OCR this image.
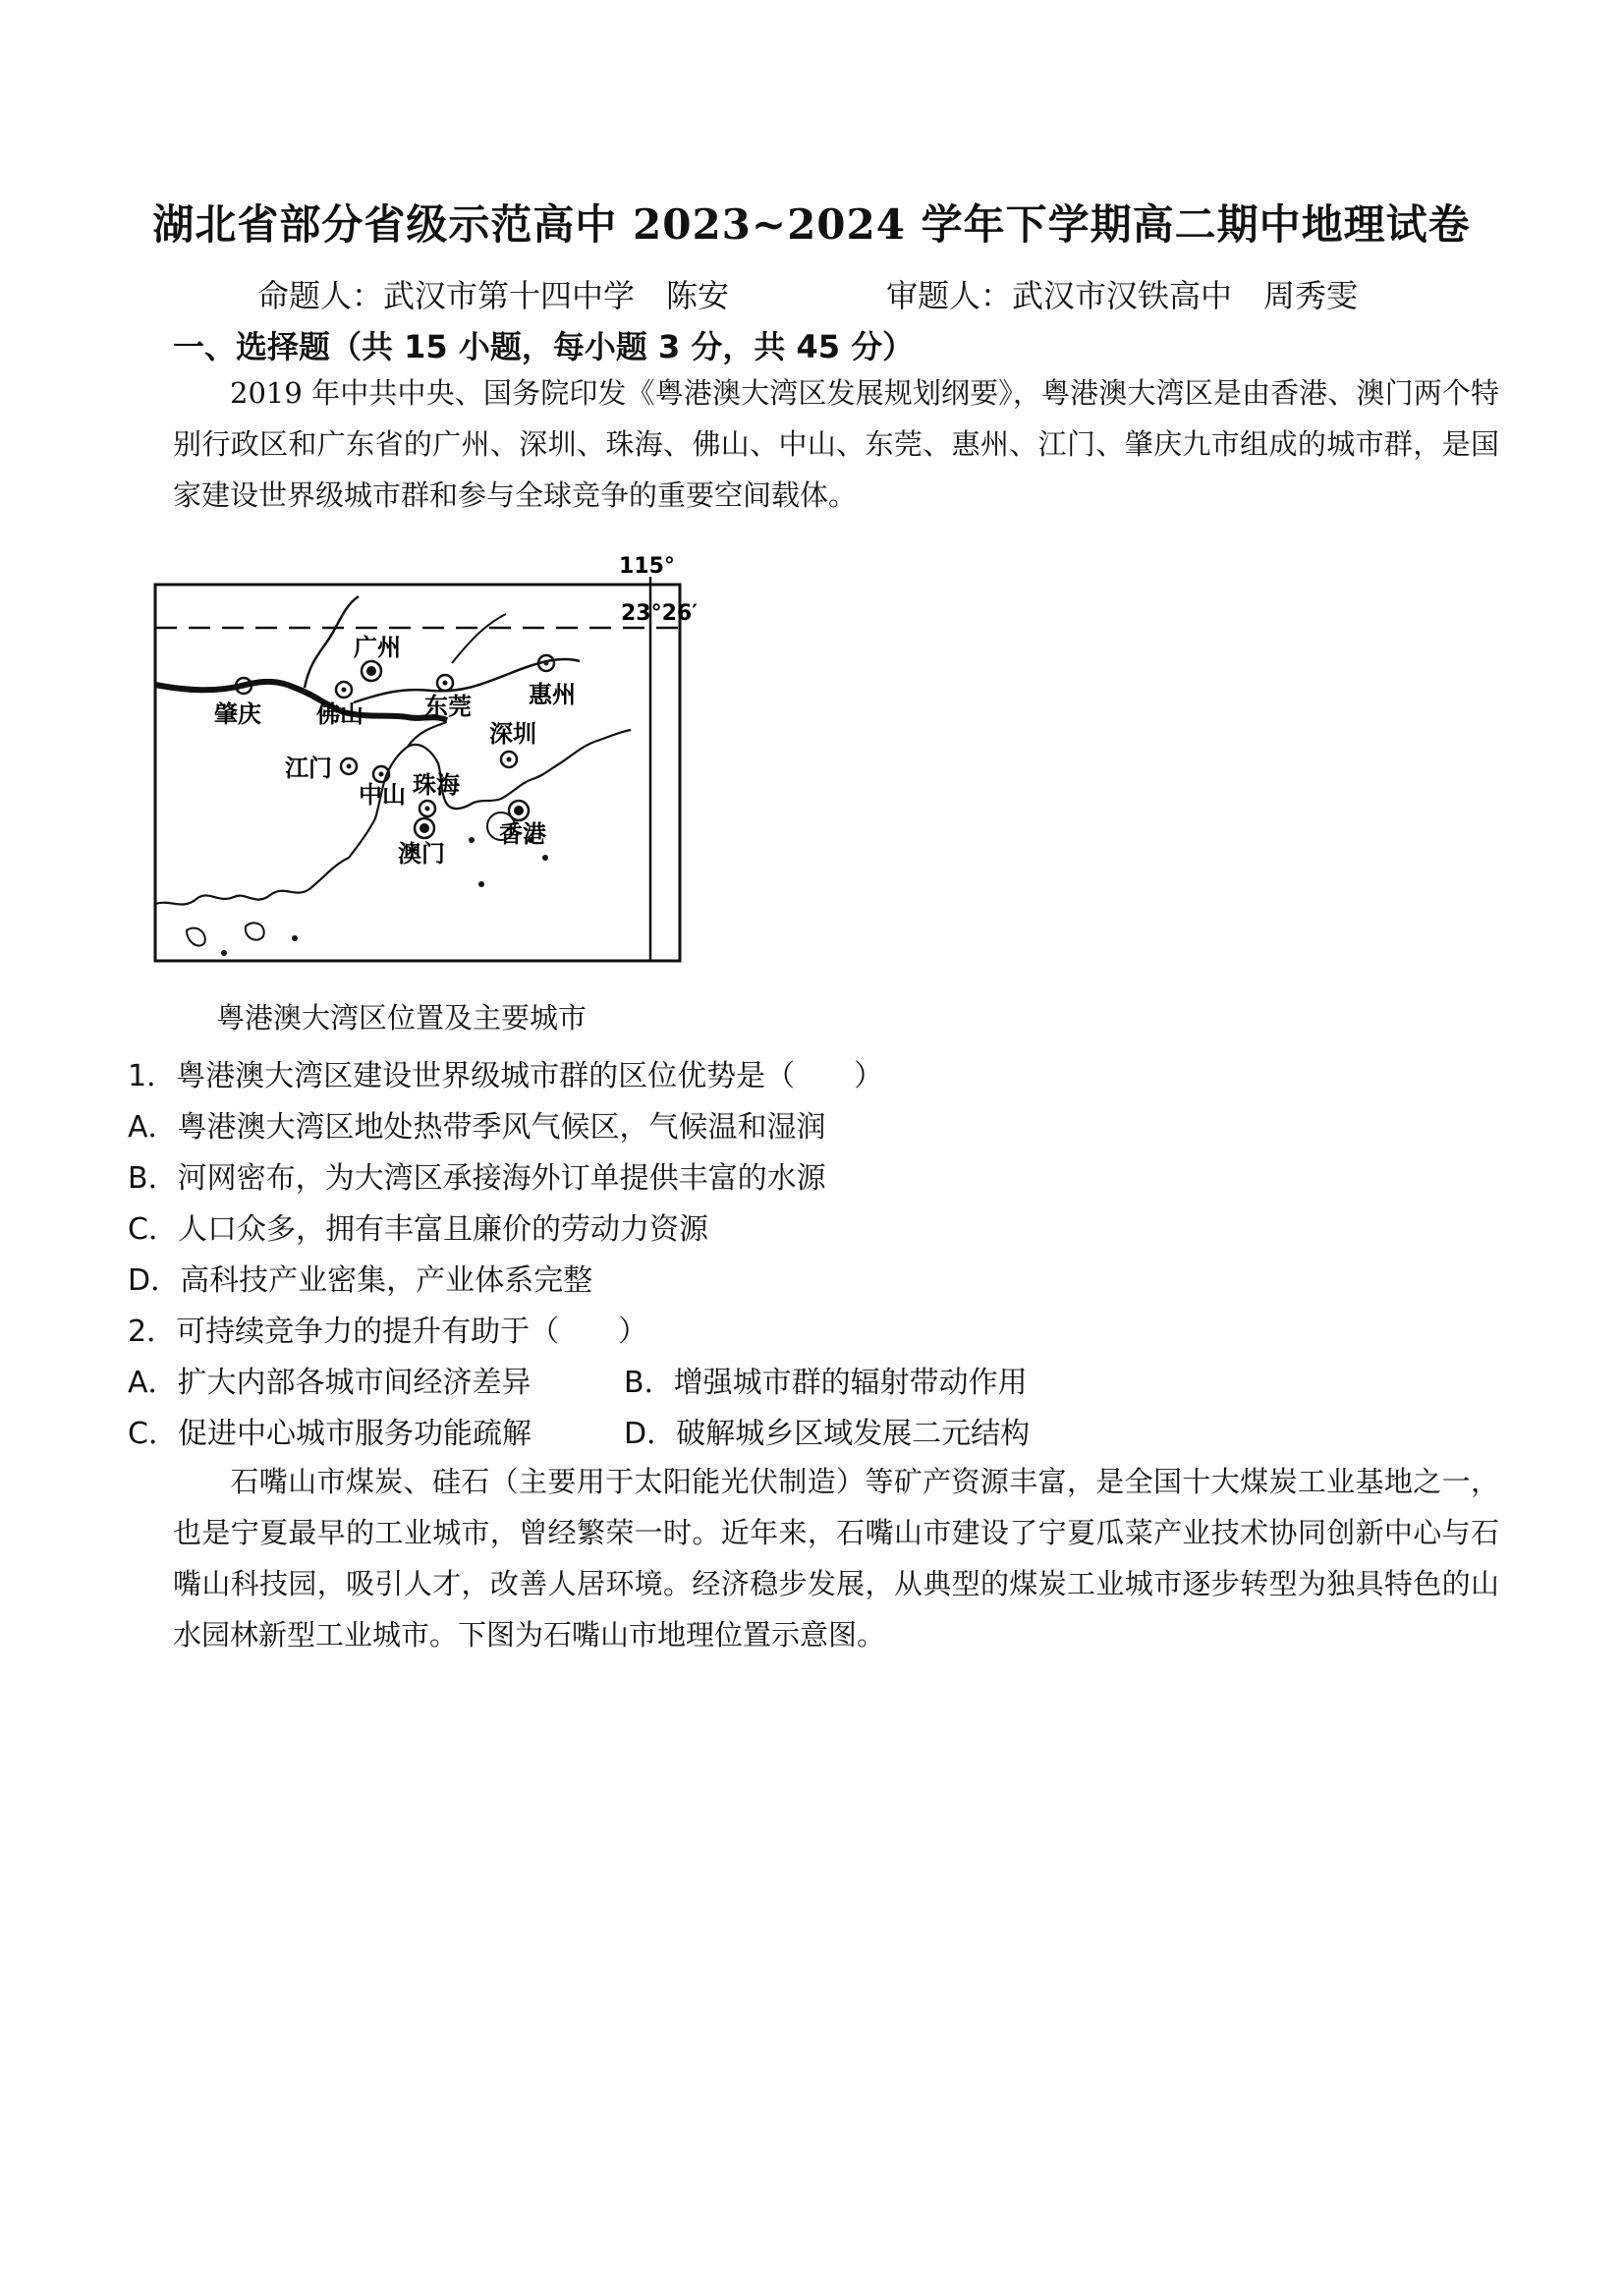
湖北省部分省级示范高中 2023~2024 学年下学期高二期中地理试卷
命题人：武汉市第十四中学　陈安	审题人：武汉市汉铁高中　周秀雯
一、选择题（共 15 小题，每小题 3 分，共 45 分）
2019 年中共中央、国务院印发《粤港澳大湾区发展规划纲要》，粤港澳大湾区是由香港、澳门两个特别行政区和广东省的广州、深圳、珠海、佛山、中山、东莞、惠州、江门、肇庆九市组成的城市群，是国家建设世界级城市群和参与全球竞争的重要空间载体。
115°
23°26′
广州
肇庆 佛山	东莞 惠州
深圳
江门
中山 珠海
澳门
香港
粤港澳大湾区位置及主要城市
1．粤港澳大湾区建设世界级城市群的区位优势是（　　）
A．粤港澳大湾区地处热带季风气候区，气候温和湿润
B．河网密布，为大湾区承接海外订单提供丰富的水源
C．人口众多，拥有丰富且廉价的劳动力资源
D．高科技产业密集，产业体系完整
2．可持续竞争力的提升有助于（　　）
A．扩大内部各城市间经济差异	B．增强城市群的辐射带动作用
C．促进中心城市服务功能疏解	D．破解城乡区域发展二元结构
石嘴山市煤炭、硅石（主要用于太阳能光伏制造）等矿产资源丰富，是全国十大煤炭工业基地之一，也是宁夏最早的工业城市，曾经繁荣一时。近年来，石嘴山市建设了宁夏瓜菜产业技术协同创新中心与石嘴山科技园，吸引人才，改善人居环境。经济稳步发展，从典型的煤炭工业城市逐步转型为独具特色的山水园林新型工业城市。下图为石嘴山市地理位置示意图。
